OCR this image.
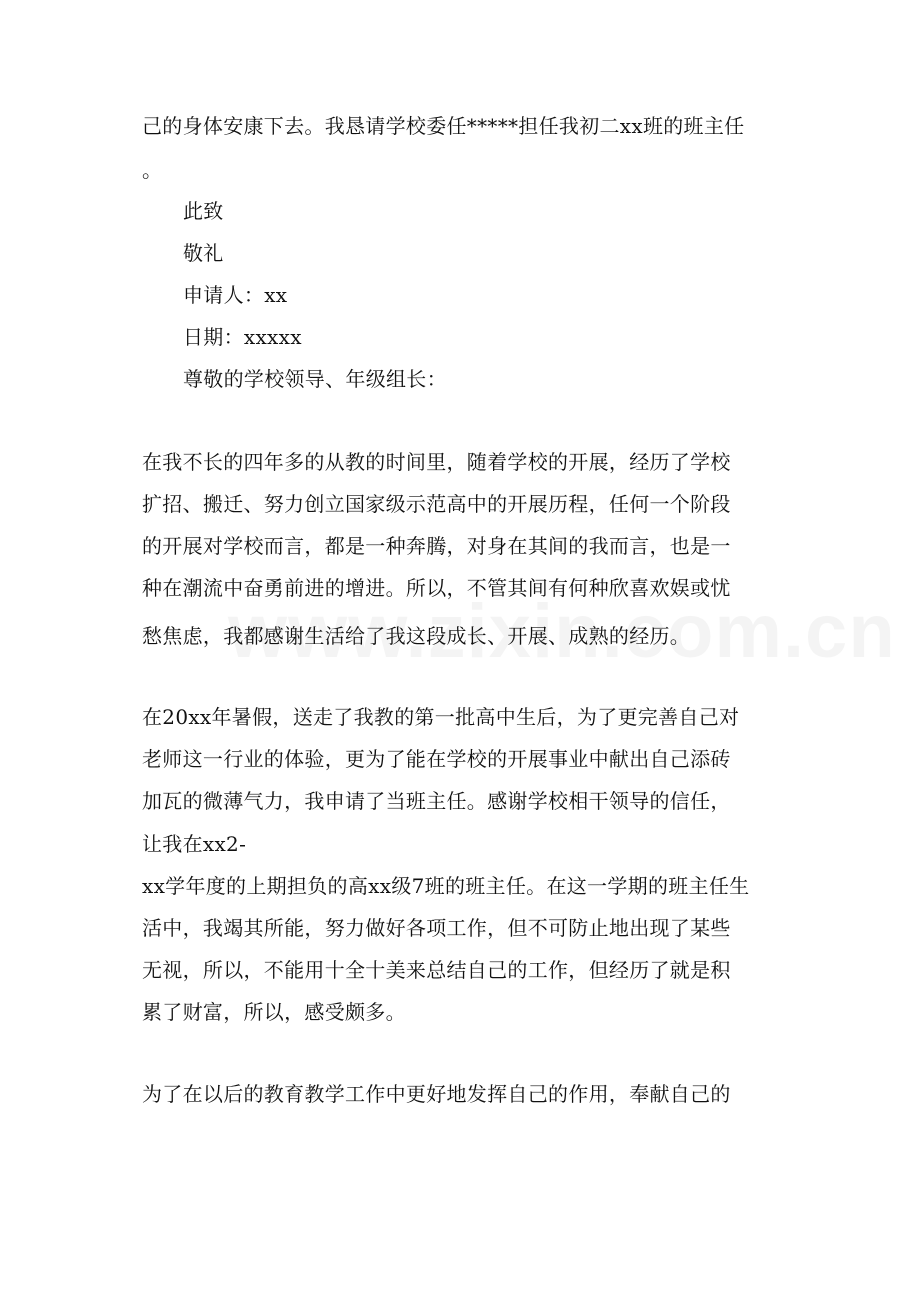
己的身体安康下去。我恳请学校委任*****担任我初二xx班的班主任
。
此致
敬礼
申请人：xx
日期：xxxxx
尊敬的学校领导、年级组长：
在我不长的四年多的从教的时间里，随着学校的开展，经历了学校
扩招、搬迁、努力创立国家级示范高中的开展历程，任何一个阶段
的开展对学校而言，都是一种奔腾，对身在其间的我而言，也是一
种在潮流中奋勇前进的增进。所以，不管其间有何种欣喜欢娱或忧
愁焦虑，我都感谢生活给了我这段成长、开展、成熟的经历。
在20xx年暑假，送走了我教的第一批高中生后，为了更完善自己对
老师这一行业的体验，更为了能在学校的开展事业中献出自己添砖
加瓦的微薄气力，我申请了当班主任。感谢学校相干领导的信任，
让我在xx2-
xx学年度的上期担负的高xx级7班的班主任。在这一学期的班主任生
活中，我竭其所能，努力做好各项工作，但不可防止地出现了某些
无视，所以，不能用十全十美来总结自己的工作，但经历了就是积
累了财富，所以，感受颇多。
为了在以后的教育教学工作中更好地发挥自己的作用，奉献自己的
